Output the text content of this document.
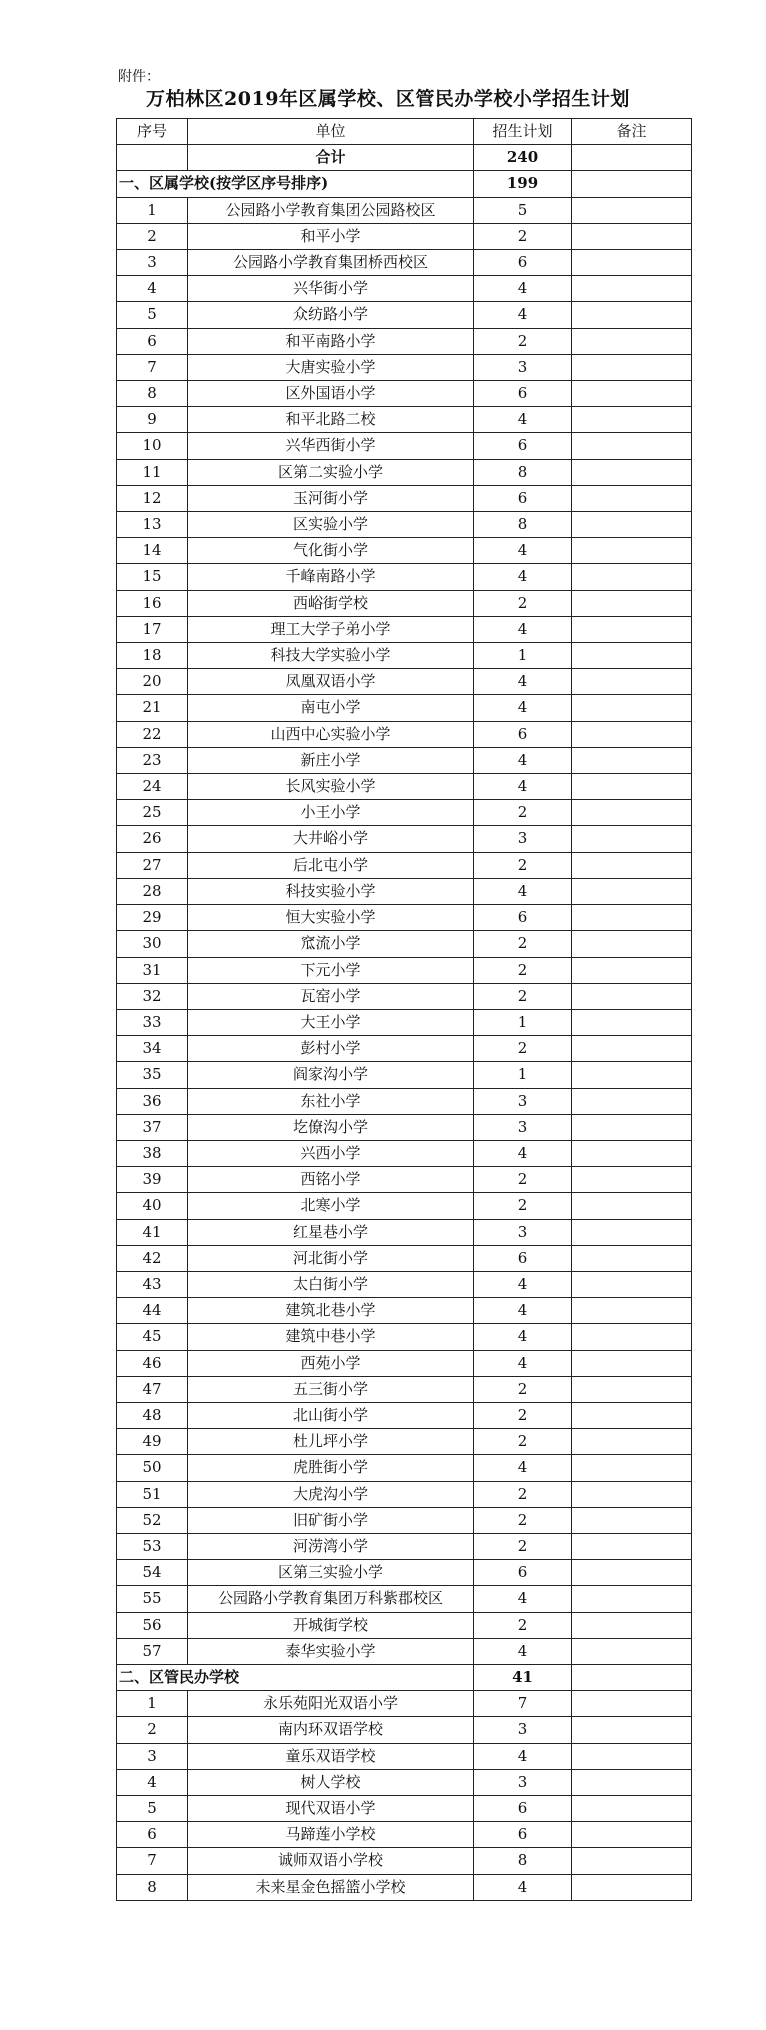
附件：
万柏林区2019年区属学校、区管民办学校小学招生计划
序号	单位	招生计划	备注
	合计	240	
一、区属学校(按学区序号排序)		199	
1	公园路小学教育集团公园路校区	5	
2	和平小学	2	
3	公园路小学教育集团桥西校区	6	
4	兴华街小学	4	
5	众纺路小学	4	
6	和平南路小学	2	
7	大唐实验小学	3	
8	区外国语小学	6	
9	和平北路二校	4	
10	兴华西街小学	6	
11	区第二实验小学	8	
12	玉河街小学	6	
13	区实验小学	8	
14	气化街小学	4	
15	千峰南路小学	4	
16	西峪街学校	2	
17	理工大学子弟小学	4	
18	科技大学实验小学	1	
20	凤凰双语小学	4	
21	南屯小学	4	
22	山西中心实验小学	6	
23	新庄小学	4	
24	长风实验小学	4	
25	小王小学	2	
26	大井峪小学	3	
27	后北屯小学	2	
28	科技实验小学	4	
29	恒大实验小学	6	
30	窊流小学	2	
31	下元小学	2	
32	瓦窑小学	2	
33	大王小学	1	
34	彭村小学	2	
35	阎家沟小学	1	
36	东社小学	3	
37	圪僚沟小学	3	
38	兴西小学	4	
39	西铭小学	2	
40	北寒小学	2	
41	红星巷小学	3	
42	河北街小学	6	
43	太白街小学	4	
44	建筑北巷小学	4	
45	建筑中巷小学	4	
46	西苑小学	4	
47	五三街小学	2	
48	北山街小学	2	
49	杜儿坪小学	2	
50	虎胜街小学	4	
51	大虎沟小学	2	
52	旧矿街小学	2	
53	河涝湾小学	2	
54	区第三实验小学	6	
55	公园路小学教育集团万科紫郡校区	4	
56	开城街学校	2	
57	泰华实验小学	4	
二、区管民办学校		41	
1	永乐苑阳光双语小学	7	
2	南内环双语学校	3	
3	童乐双语学校	4	
4	树人学校	3	
5	现代双语小学	6	
6	马蹄莲小学校	6	
7	诚师双语小学校	8	
8	未来星金色摇篮小学校	4	
